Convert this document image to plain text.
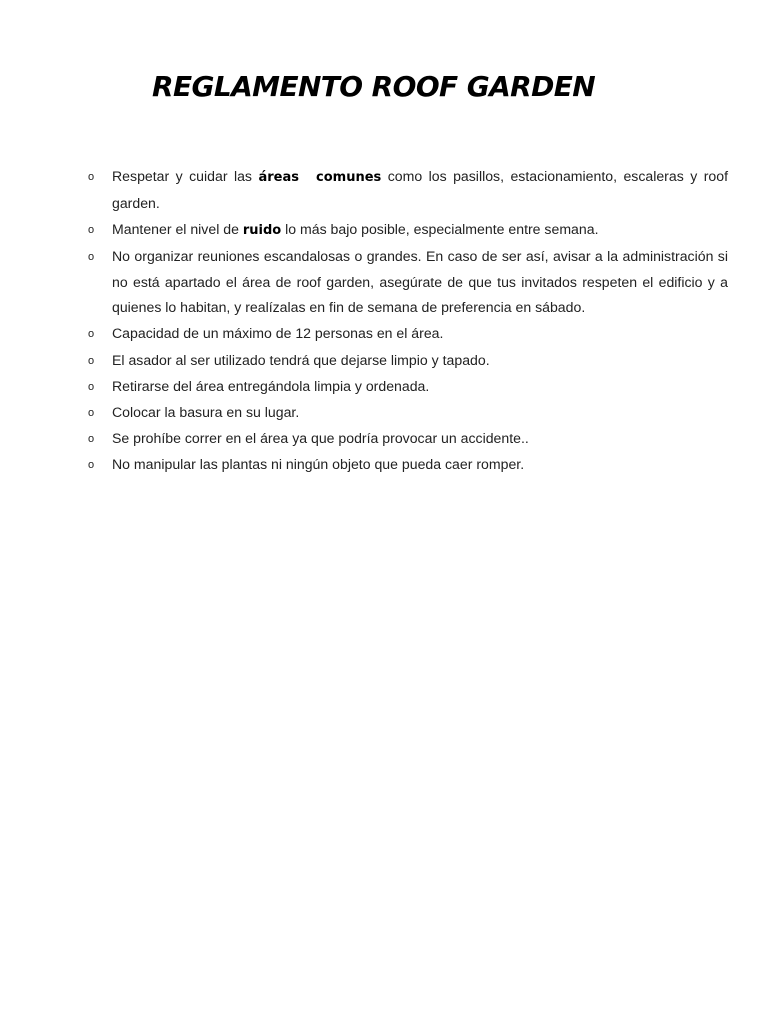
REGLAMENTO ROOF GARDEN
o Respetar y cuidar las áreas comunes como los pasillos, estacionamiento, escaleras y roof garden.
o Mantener el nivel de ruido lo más bajo posible, especialmente entre semana.
o No organizar reuniones escandalosas o grandes. En caso de ser así, avisar a la administración si no está apartado el área de roof garden, asegúrate de que tus invitados respeten el edificio y a quienes lo habitan, y realízalas en fin de semana de preferencia en sábado.
o Capacidad de un máximo de 12 personas en el área.
o El asador al ser utilizado tendrá que dejarse limpio y tapado.
o Retirarse del área entregándola limpia y ordenada.
o Colocar la basura en su lugar.
o Se prohíbe correr en el área ya que podría provocar un accidente..
o No manipular las plantas ni ningún objeto que pueda caer romper.
